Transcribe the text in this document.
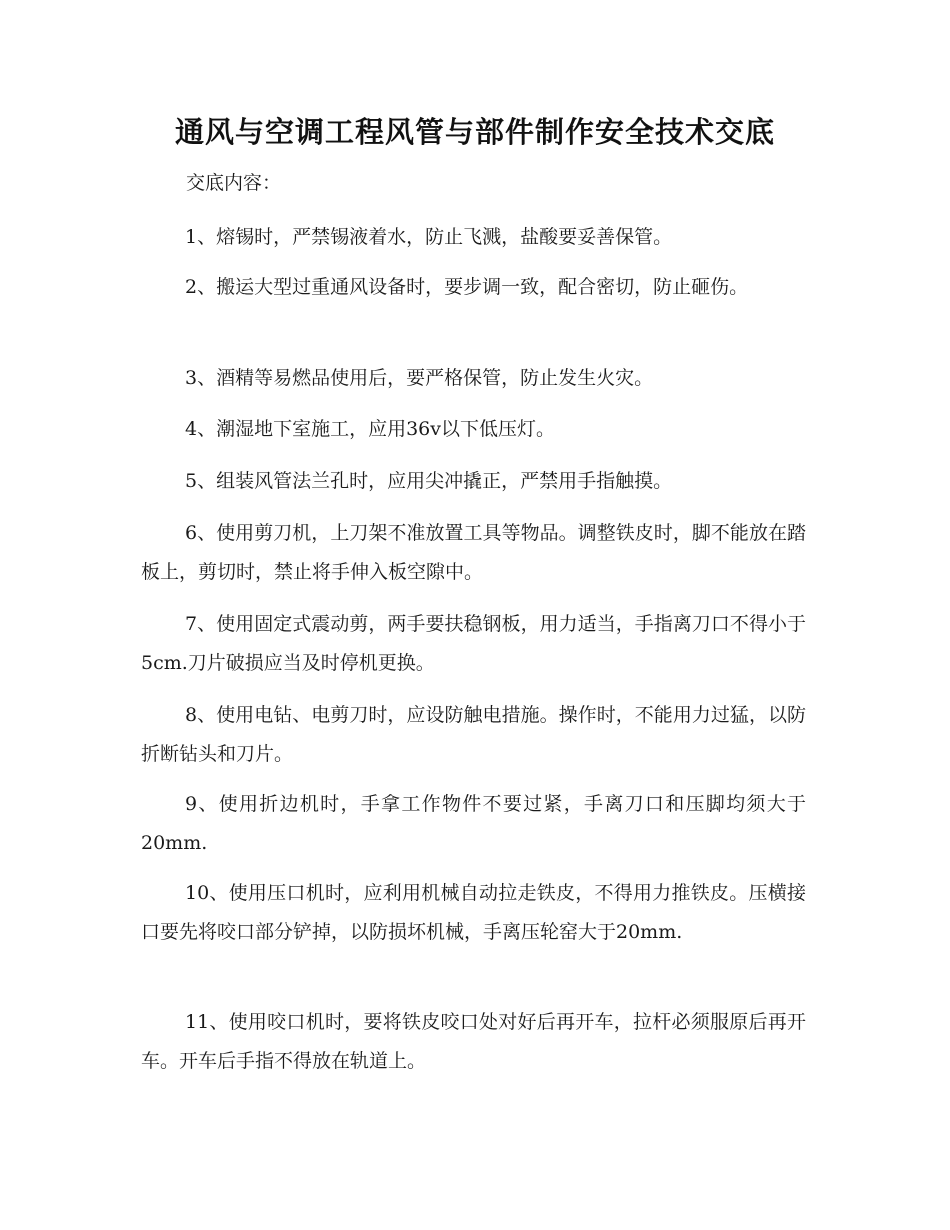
通风与空调工程风管与部件制作安全技术交底
交底内容：
1、熔锡时，严禁锡液着水，防止飞溅，盐酸要妥善保管。
2、搬运大型过重通风设备时，要步调一致，配合密切，防止砸伤。
3、酒精等易燃品使用后，要严格保管，防止发生火灾。
4、潮湿地下室施工，应用36v以下低压灯。
5、组装风管法兰孔时，应用尖冲撬正，严禁用手指触摸。
6、使用剪刀机，上刀架不准放置工具等物品。调整铁皮时，脚不能放在踏板上，剪切时，禁止将手伸入板空隙中。
7、使用固定式震动剪，两手要扶稳钢板，用力适当，手指离刀口不得小于5cm.刀片破损应当及时停机更换。
8、使用电钻、电剪刀时，应设防触电措施。操作时，不能用力过猛，以防折断钻头和刀片。
9、使用折边机时，手拿工作物件不要过紧，手离刀口和压脚均须大于20mm.
10、使用压口机时，应利用机械自动拉走铁皮，不得用力推铁皮。压横接口要先将咬口部分铲掉，以防损坏机械，手离压轮窑大于20mm.
11、使用咬口机时，要将铁皮咬口处对好后再开车，拉杆必须服原后再开车。开车后手指不得放在轨道上。
